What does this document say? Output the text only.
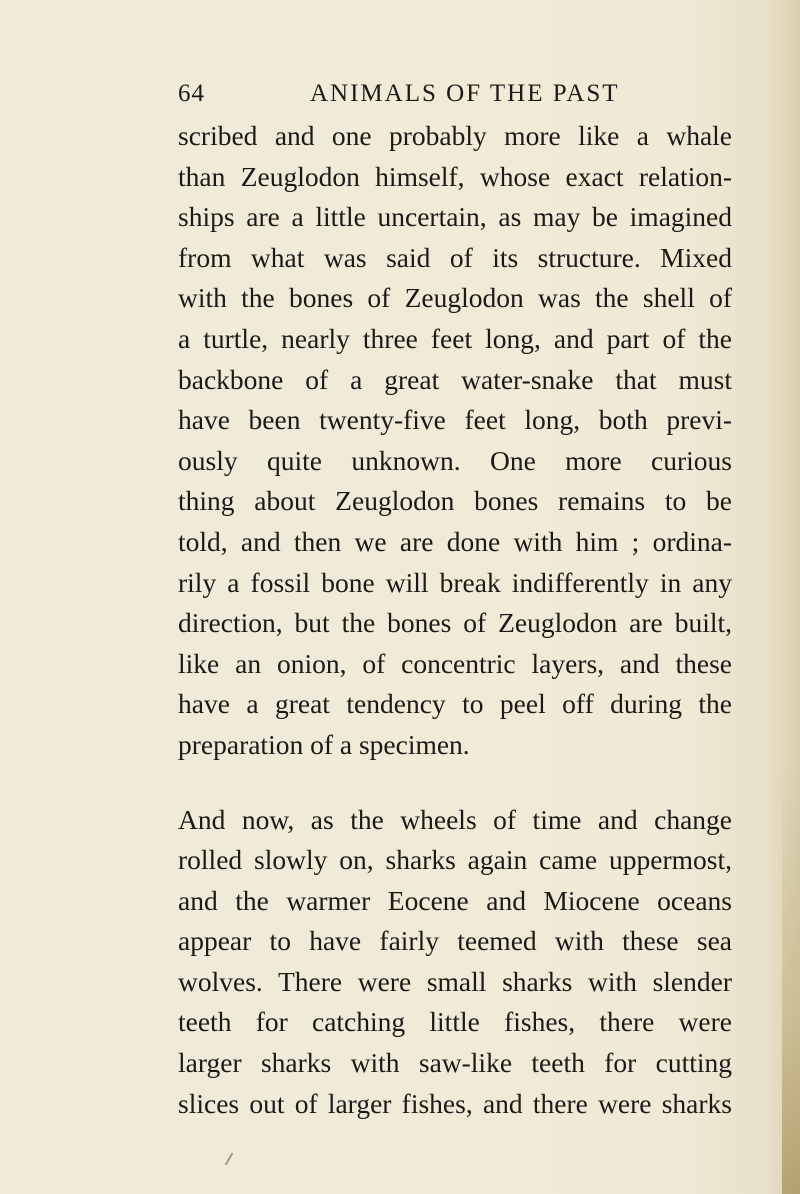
64	ANIMALS OF THE PAST
scribed and one probably more like a whale
than Zeuglodon himself, whose exact relation-
ships are a little uncertain, as may be imagined
from what was said of its structure. Mixed
with the bones of Zeuglodon was the shell of
a turtle, nearly three feet long, and part of the
backbone of a great water-snake that must
have been twenty-five feet long, both previ-
ously quite unknown. One more curious
thing about Zeuglodon bones remains to be
told, and then we are done with him ; ordina-
rily a fossil bone will break indifferently in any
direction, but the bones of Zeuglodon are built,
like an onion, of concentric layers, and these
have a great tendency to peel off during the
preparation of a specimen.
And now, as the wheels of time and change
rolled slowly on, sharks again came uppermost,
and the warmer Eocene and Miocene oceans
appear to have fairly teemed with these sea
wolves. There were small sharks with slender
teeth for catching little fishes, there were
larger sharks with saw-like teeth for cutting
slices out of larger fishes, and there were sharks
